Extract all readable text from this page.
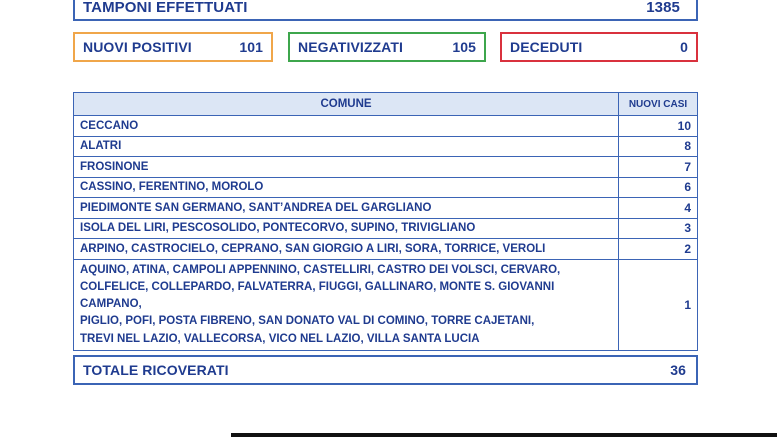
TAMPONI EFFETTUATI	1385
NUOVI POSITIVI	101	NEGATIVIZZATI	105 DECEDUTI	0
COMUNE	NUOVI CASI
CECCANO	10
ALATRI	8
FROSINONE	7
CASSINO, FERENTINO, MOROLO	6
PIEDIMONTE SAN GERMANO, SANT’ANDREA DEL GARGLIANO	4
ISOLA DEL LIRI, PESCOSOLIDO, PONTECORVO, SUPINO, TRIVIGLIANO	3
ARPINO, CASTROCIELO, CEPRANO, SAN GIORGIO A LIRI, SORA, TORRICE, VEROLI	2

AQUINO, ATINA, CAMPOLI APPENNINO, CASTELLIRI, CASTRO DEI VOLSCI, CERVARO,
COLFELICE, COLLEPARDO, FALVATERRA, FIUGGI, GALLINARO, MONTE S. GIOVANNI CAMPANO,
PIGLIO, POFI, POSTA FIBRENO, SAN DONATO VAL DI COMINO, TORRE CAJETANI,
TREVI NEL LAZIO, VALLECORSA, VICO NEL LAZIO, VILLA SANTA LUCIA	1
TOTALE RICOVERATI	36
